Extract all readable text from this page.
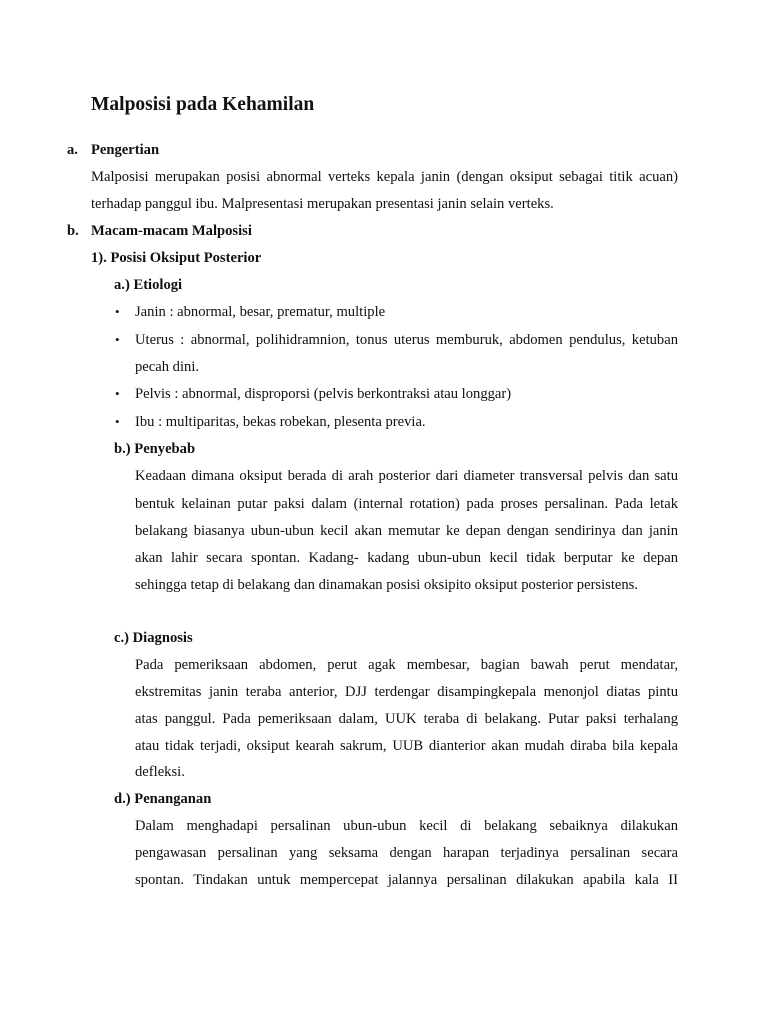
Malposisi pada Kehamilan
a. Pengertian

Malposisi merupakan posisi abnormal verteks kepala janin (dengan oksiput sebagai titik acuan)

terhadap panggul ibu. Malpresentasi merupakan presentasi janin selain verteks.

b. Macam-macam Malposisi
1). Posisi Oksiput Posterior
a.) Etiologi
• Janin : abnormal, besar, prematur, multiple

• Uterus : abnormal, polihidramnion, tonus uterus memburuk, abdomen pendulus, ketuban

pecah dini.

• Pelvis : abnormal, disproporsi (pelvis berkontraksi atau longgar)

• Ibu : multiparitas, bekas robekan, plesenta previa.

b.) Penyebab

Keadaan dimana oksiput berada di arah posterior dari diameter transversal pelvis dan satu

bentuk kelainan putar paksi dalam (internal rotation) pada proses persalinan. Pada letak

belakang biasanya ubun-ubun kecil akan memutar ke depan dengan sendirinya dan janin

akan lahir secara spontan. Kadang- kadang ubun-ubun kecil tidak berputar ke depan

sehingga tetap di belakang dan dinamakan posisi oksipito oksiput posterior persistens.

c.) Diagnosis

Pada pemeriksaan abdomen, perut agak membesar, bagian bawah perut mendatar,

ekstremitas janin teraba anterior, DJJ terdengar disampingkepala menonjol diatas pintu

atas panggul. Pada pemeriksaan dalam, UUK teraba di belakang. Putar paksi terhalang

atau tidak terjadi, oksiput kearah sakrum, UUB dianterior akan mudah diraba bila kepala

defleksi.

d.) Penanganan

Dalam menghadapi persalinan ubun-ubun kecil di belakang sebaiknya dilakukan

pengawasan persalinan yang seksama dengan harapan terjadinya persalinan secara

spontan. Tindakan untuk mempercepat jalannya persalinan dilakukan apabila kala II
